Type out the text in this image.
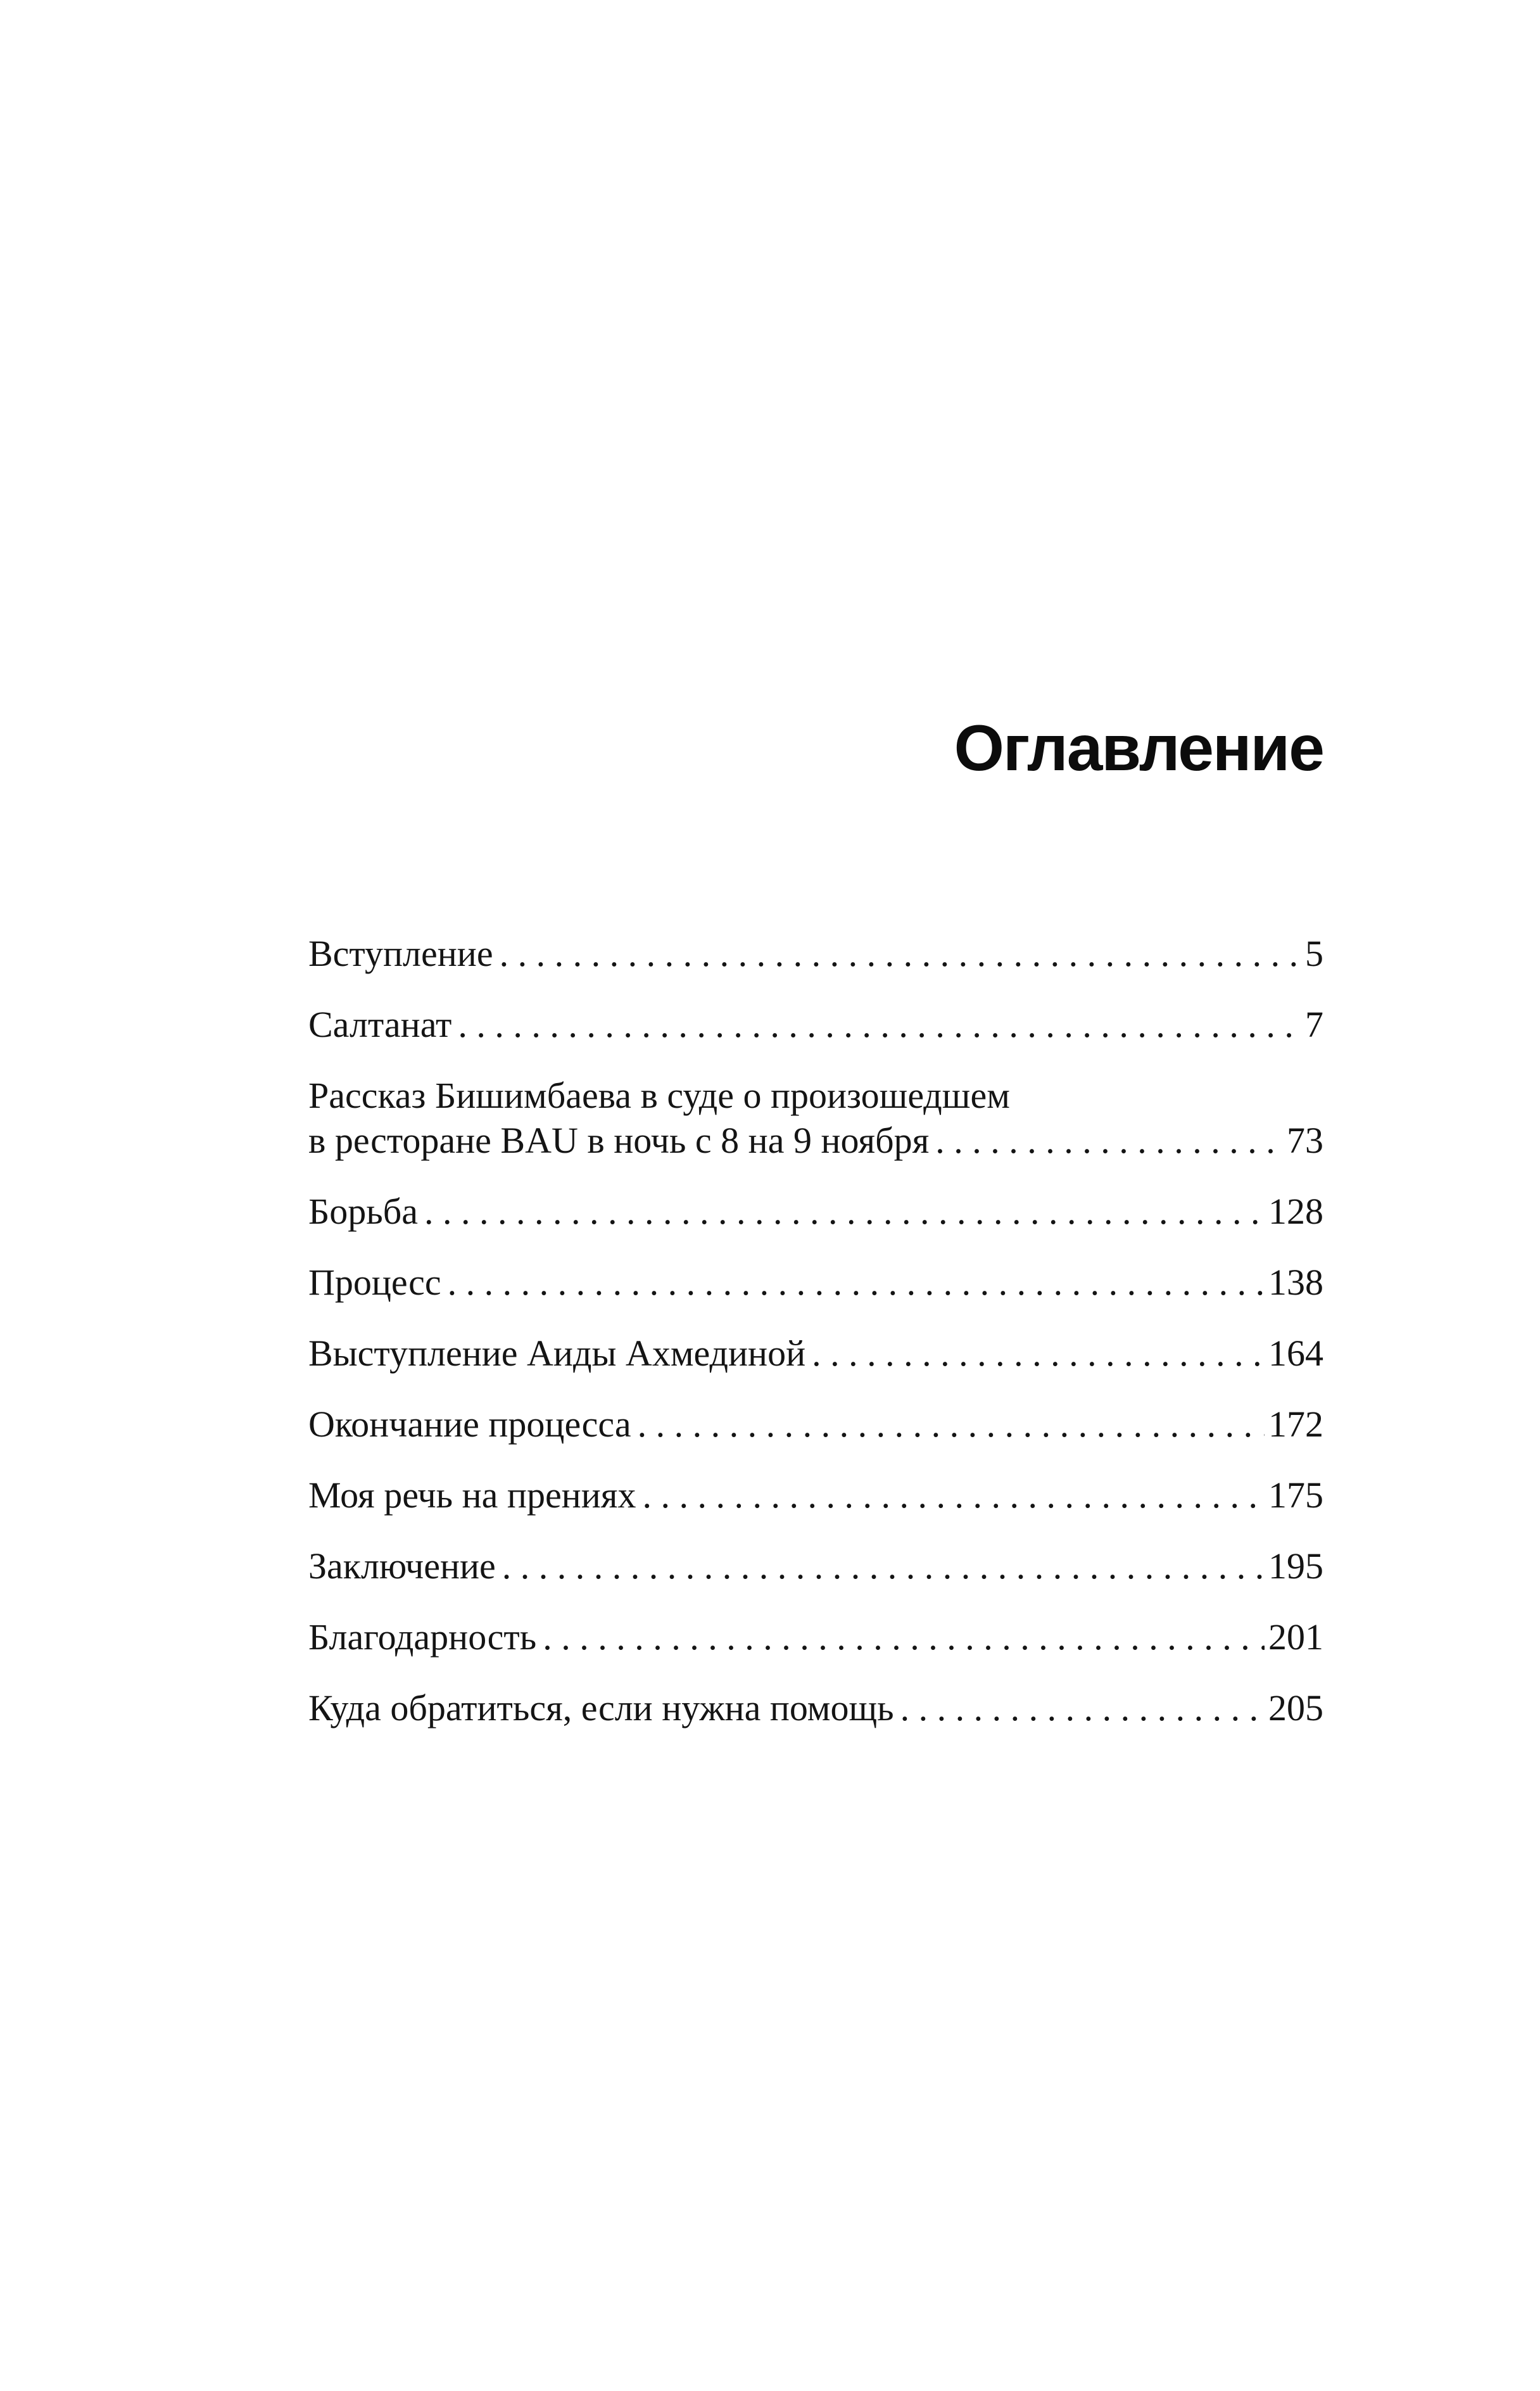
Оглавление
Вступление . . .	5
Салтанат . . .	7
Рассказ Бишимбаева в суде о произошедшем
в ресторане BAU в ночь с 8 на 9 ноября . . .	73
Борьба . . .	128
Процесс . . .	138
Выступление Аиды Ахмединой . . .	164
Окончание процесса . . .	172
Моя речь на прениях . . .	175
Заключение . . .	195
Благодарность . . .	201
Куда обратиться, если нужна помощь . . .	205
